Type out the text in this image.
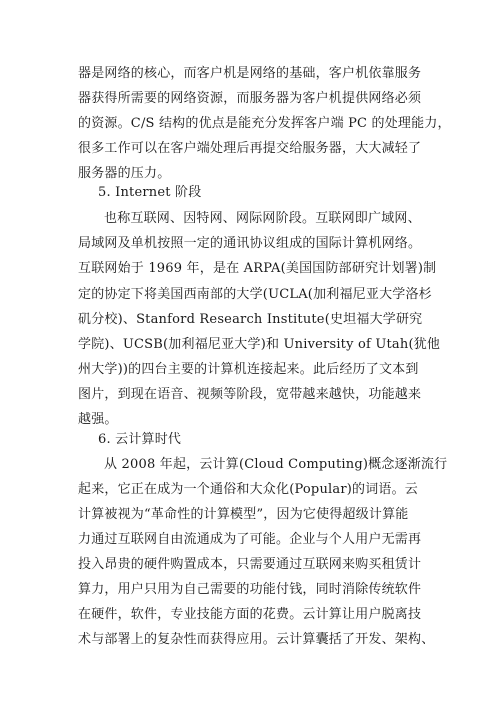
器是网络的核心，而客户机是网络的基础，客户机依靠服务
器获得所需要的网络资源，而服务器为客户机提供网络必须
的资源。C/S 结构的优点是能充分发挥客户端 PC 的处理能力，
很多工作可以在客户端处理后再提交给服务器，大大减轻了
服务器的压力。
5. Internet 阶段
也称互联网、因特网、网际网阶段。互联网即广域网、
局域网及单机按照一定的通讯协议组成的国际计算机网络。
互联网始于 1969 年，是在 ARPA(美国国防部研究计划署)制
定的协定下将美国西南部的大学(UCLA(加利福尼亚大学洛杉
矶分校)、Stanford Research Institute(史坦福大学研究
学院)、UCSB(加利福尼亚大学)和 University of Utah(犹他
州大学))的四台主要的计算机连接起来。此后经历了文本到
图片，到现在语音、视频等阶段，宽带越来越快，功能越来
越强。
6. 云计算时代
从 2008 年起，云计算(Cloud Computing)概念逐渐流行
起来，它正在成为一个通俗和大众化(Popular)的词语。云
计算被视为“革命性的计算模型”，因为它使得超级计算能
力通过互联网自由流通成为了可能。企业与个人用户无需再
投入昂贵的硬件购置成本，只需要通过互联网来购买租赁计
算力，用户只用为自己需要的功能付钱，同时消除传统软件
在硬件，软件，专业技能方面的花费。云计算让用户脱离技
术与部署上的复杂性而获得应用。云计算囊括了开发、架构、
